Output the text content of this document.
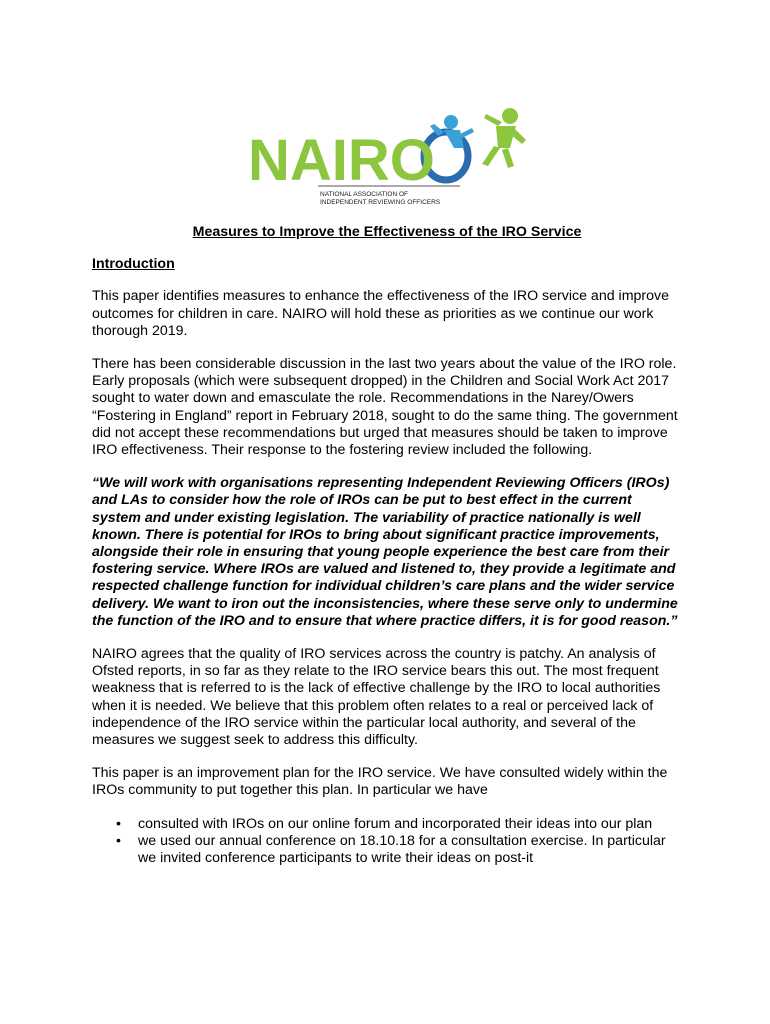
NAIRO
NATIONAL ASSOCIATION OF
INDEPENDENT REVIEWING OFFICERS
Measures to Improve the Effectiveness of the IRO Service
Introduction

This paper identifies measures to enhance the effectiveness of the IRO service and improve outcomes for children in care. NAIRO will hold these as priorities as we continue our work thorough 2019.

There has been considerable discussion in the last two years about the value of the IRO role. Early proposals (which were subsequent dropped) in the Children and Social Work Act 2017 sought to water down and emasculate the role. Recommendations in the Narey/Owers “Fostering in England” report in February 2018, sought to do the same thing. The government did not accept these recommendations but urged that measures should be taken to improve IRO effectiveness. Their response to the fostering review included the following.

“We will work with organisations representing Independent Reviewing Officers (IROs) and LAs to consider how the role of IROs can be put to best effect in the current system and under existing legislation. The variability of practice nationally is well known. There is potential for IROs to bring about significant practice improvements, alongside their role in ensuring that young people experience the best care from their fostering service. Where IROs are valued and listened to, they provide a legitimate and respected challenge function for individual children’s care plans and the wider service delivery. We want to iron out the inconsistencies, where these serve only to undermine the function of the IRO and to ensure that where practice differs, it is for good reason.”

NAIRO agrees that the quality of IRO services across the country is patchy. An analysis of Ofsted reports, in so far as they relate to the IRO service bears this out. The most frequent weakness that is referred to is the lack of effective challenge by the IRO to local authorities when it is needed. We believe that this problem often relates to a real or perceived lack of independence of the IRO service within the particular local authority, and several of the measures we suggest seek to address this difficulty.

This paper is an improvement plan for the IRO service. We have consulted widely within the IROs community to put together this plan. In particular we have

• consulted with IROs on our online forum and incorporated their ideas into our plan
• we used our annual conference on 18.10.18 for a consultation exercise. In particular we invited conference participants to write their ideas on post-it
